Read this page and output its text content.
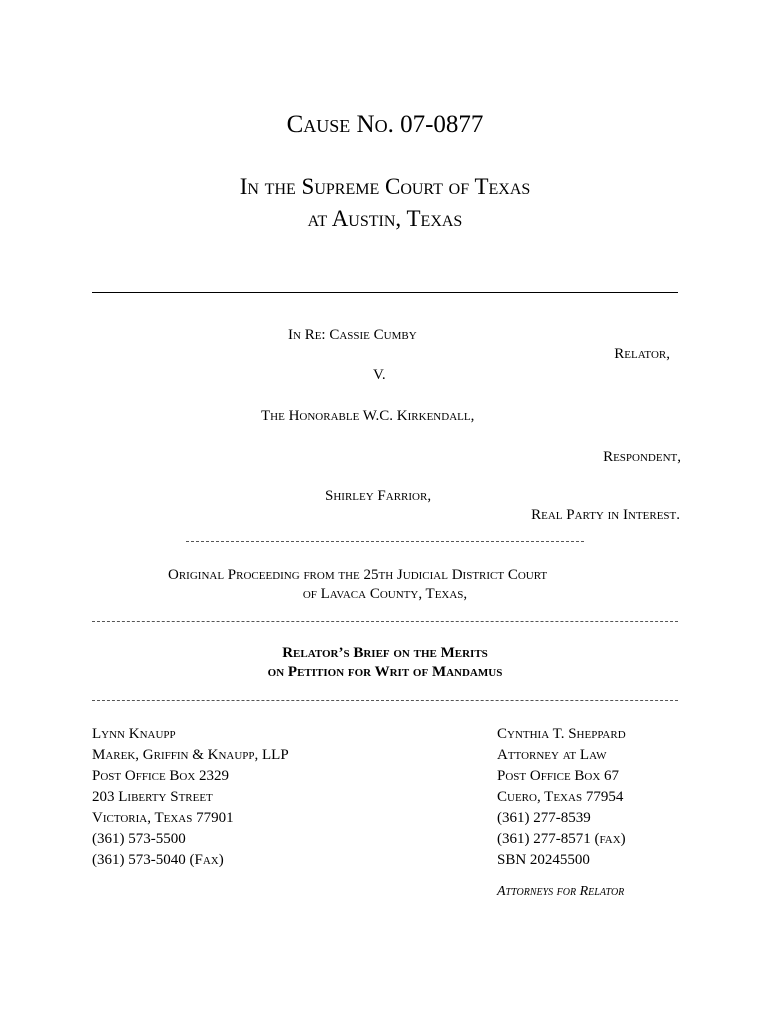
Cause No. 07-0877
In the Supreme Court of Texas
at Austin, Texas
In Re: Cassie Cumby
Relator,
V.
The Honorable W.C. Kirkendall,
Respondent,
Shirley Farrior,
Real Party in Interest.
Original Proceeding from the 25th Judicial District Court
of Lavaca County, Texas,
Relator’s Brief on the Merits
on Petition for Writ of Mandamus
Lynn Knaupp
Marek, Griffin & Knaupp, LLP
Post Office Box 2329
203 Liberty Street
Victoria, Texas 77901
(361) 573-5500
(361) 573-5040 (Fax)
Cynthia T. Sheppard
Attorney at Law
Post Office Box 67
Cuero, Texas 77954
(361) 277-8539
(361) 277-8571 (fax)
SBN 20245500
Attorneys for Relator
